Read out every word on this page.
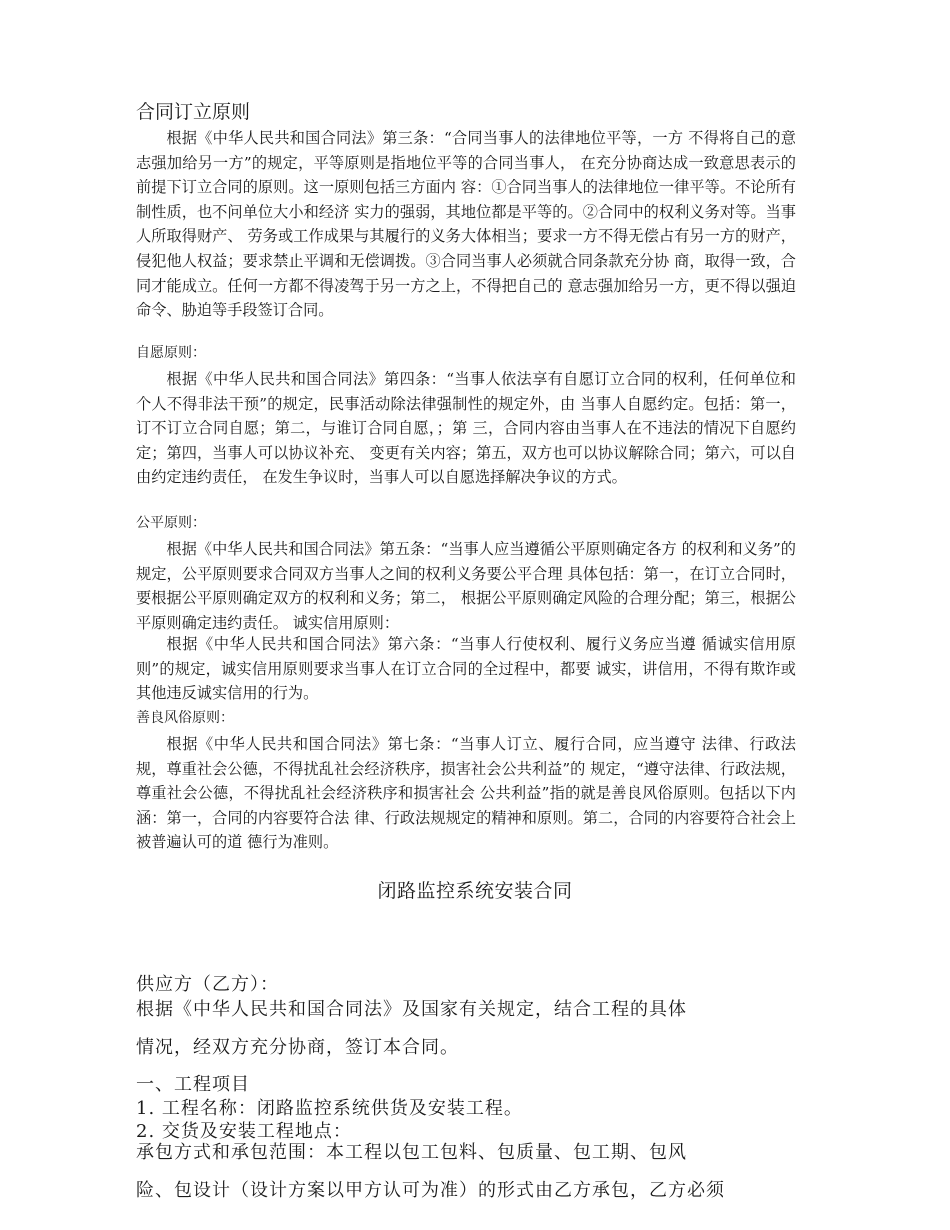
合同订立原则

根据《中华人民共和国合同法》第三条：“合同当事人的法律地位平等，一方 不得将自己的意志强加给另一方”的规定，平等原则是指地位平等的合同当事人， 在充分协商达成一致意思表示的前提下订立合同的原则。这一原则包括三方面内 容：①合同当事人的法律地位一律平等。不论所有制性质，也不问单位大小和经济 实力的强弱，其地位都是平等的。②合同中的权利义务对等。当事人所取得财产、 劳务或工作成果与其履行的义务大体相当；要求一方不得无偿占有另一方的财产， 侵犯他人权益；要求禁止平调和无偿调拨。③合同当事人必须就合同条款充分协 商，取得一致，合同才能成立。任何一方都不得凌驾于另一方之上，不得把自己的 意志强加给另一方，更不得以强迫命令、胁迫等手段签订合同。

自愿原则：

根据《中华人民共和国合同法》第四条：“当事人依法享有自愿订立合同的权利，任何单位和个人不得非法干预”的规定，民事活动除法律强制性的规定外，由 当事人自愿约定。包括：第一，订不订立合同自愿；第二，与谁订合同自愿，；第 三，合同内容由当事人在不违法的情况下自愿约定；第四，当事人可以协议补充、 变更有关内容；第五，双方也可以协议解除合同；第六，可以自由约定违约责任， 在发生争议时，当事人可以自愿选择解决争议的方式。

公平原则：

根据《中华人民共和国合同法》第五条：“当事人应当遵循公平原则确定各方 的权利和义务”的规定，公平原则要求合同双方当事人之间的权利义务要公平合理 具体包括：第一，在订立合同时，要根据公平原则确定双方的权利和义务；第二， 根据公平原则确定风险的合理分配；第三，根据公平原则确定违约责任。 诚实信用原则：

根据《中华人民共和国合同法》第六条：“当事人行使权利、履行义务应当遵 循诚实信用原则”的规定，诚实信用原则要求当事人在订立合同的全过程中，都要 诚实，讲信用，不得有欺诈或其他违反诚实信用的行为。

善良风俗原则：

根据《中华人民共和国合同法》第七条：“当事人订立、履行合同，应当遵守 法律、行政法规，尊重社会公德，不得扰乱社会经济秩序，损害社会公共利益”的 规定，“遵守法律、行政法规，尊重社会公德，不得扰乱社会经济秩序和损害社会 公共利益”指的就是善良风俗原则。包括以下内涵：第一，合同的内容要符合法 律、行政法规规定的精神和原则。第二，合同的内容要符合社会上被普遍认可的道 德行为准则。

闭路监控系统安装合同
供应方（乙方）：
根据《中华人民共和国合同法》及国家有关规定，结合工程的具体
情况，经双方充分协商，签订本合同。
一、工程项目
1. 工程名称：闭路监控系统供货及安装工程。
2. 交货及安装工程地点：
承包方式和承包范围：本工程以包工包料、包质量、包工期、包风
险、包设计（设计方案以甲方认可为准）的形式由乙方承包，乙方必须
